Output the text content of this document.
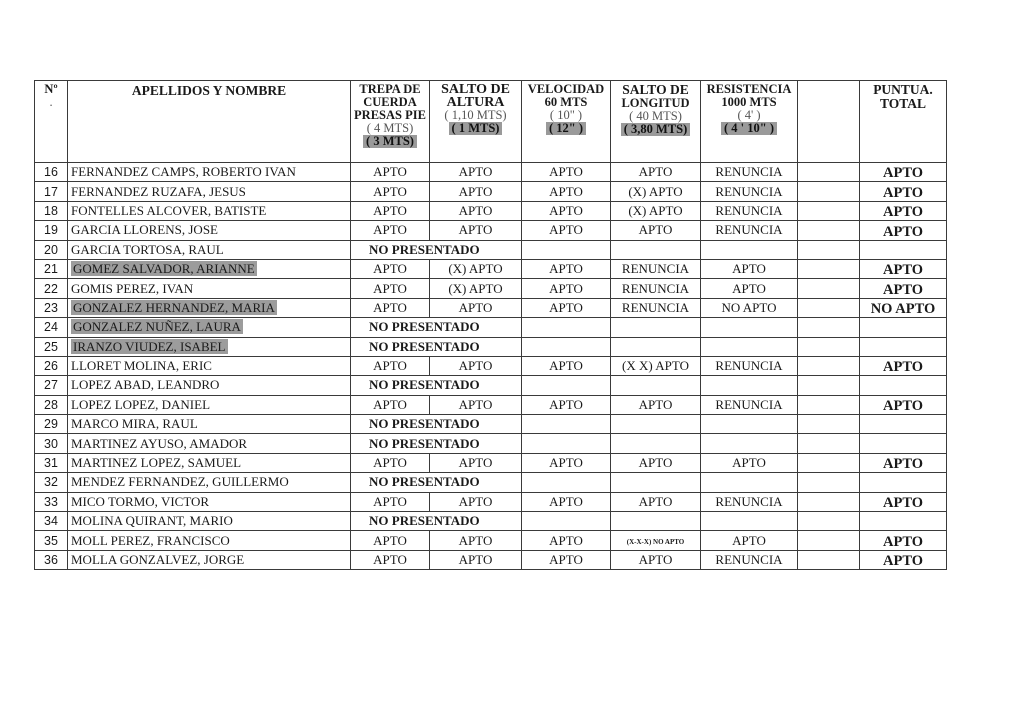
Nº
.	APELLIDOS Y NOMBRE	TREPA DE
CUERDA
PRESAS PIE
( 4 MTS)
( 3 MTS)	SALTO DE
ALTURA
( 1,10 MTS)
( 1 MTS)	VELOCIDAD
60 MTS
( 10" )
( 12" )	SALTO DE
LONGITUD
( 40 MTS)
( 3,80 MTS)	RESISTENCIA
1000 MTS
( 4' )
( 4 ' 10" )		PUNTUA.
TOTAL
16	FERNANDEZ CAMPS, ROBERTO IVAN	APTO	APTO	APTO	APTO	RENUNCIA		APTO
17	FERNANDEZ RUZAFA, JESUS	APTO	APTO	APTO	(X) APTO	RENUNCIA		APTO
18	FONTELLES ALCOVER, BATISTE	APTO	APTO	APTO	(X) APTO	RENUNCIA		APTO
19	GARCIA LLORENS, JOSE	APTO	APTO	APTO	APTO	RENUNCIA		APTO
20	GARCIA TORTOSA, RAUL	NO PRESENTADO						
21	GOMEZ SALVADOR, ARIANNE	APTO	(X) APTO	APTO	RENUNCIA	APTO		APTO
22	GOMIS PEREZ, IVAN	APTO	(X) APTO	APTO	RENUNCIA	APTO		APTO
23	GONZALEZ HERNANDEZ, MARIA	APTO	APTO	APTO	RENUNCIA	NO APTO		NO APTO
24	GONZALEZ NUÑEZ, LAURA	NO PRESENTADO						
25	IRANZO VIUDEZ, ISABEL	NO PRESENTADO						
26	LLORET MOLINA, ERIC	APTO	APTO	APTO	(X X) APTO	RENUNCIA		APTO
27	LOPEZ ABAD, LEANDRO	NO PRESENTADO						
28	LOPEZ LOPEZ, DANIEL	APTO	APTO	APTO	APTO	RENUNCIA		APTO
29	MARCO MIRA, RAUL	NO PRESENTADO						
30	MARTINEZ AYUSO, AMADOR	NO PRESENTADO						
31	MARTINEZ LOPEZ, SAMUEL	APTO	APTO	APTO	APTO	APTO		APTO
32	MENDEZ FERNANDEZ, GUILLERMO	NO PRESENTADO						
33	MICO TORMO, VICTOR	APTO	APTO	APTO	APTO	RENUNCIA		APTO
34	MOLINA QUIRANT, MARIO	NO PRESENTADO						
35	MOLL PEREZ, FRANCISCO	APTO	APTO	APTO	(X-X-X) NO APTO	APTO		APTO
36	MOLLA GONZALVEZ, JORGE	APTO	APTO	APTO	APTO	RENUNCIA		APTO
